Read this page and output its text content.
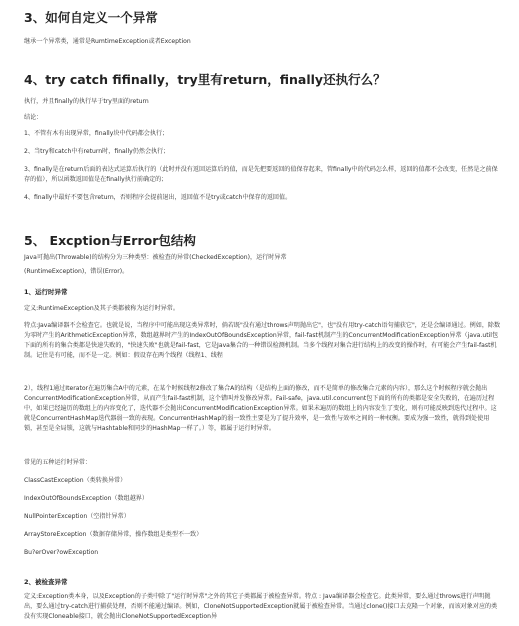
3、如何自定义一个异常

继承一个异常类，通常是RumtimeException或者Exception

4、try catch fifinally，try里有return，finally还执行么？

执行，并且finally的执行早于try里面的return

结论：

1、不管有木有出现异常，finally块中代码都会执行；

2、当try和catch中有return时，finally仍然会执行；

3、finally是在return后面的表达式运算后执行的（此时并没有返回运算后的值，而是先把要返回的值保存起来，管finally中的代码怎么样，返回的值都不会改变，任然是之前保存的值），所以函数返回值是在finally执行前确定的；

4、finally中最好不要包含return，否则程序会提前退出，返回值不是try或catch中保存的返回值。

5、 Excption与Error包结构

Java可抛出(Throwable)的结构分为三种类型：被检查的异常(CheckedException)，运行时异常

(RuntimeException)，错误(Error)。

1、运行时异常

定义:RuntimeException及其子类都被称为运行时异常。

特点:Java编译器不会检查它。也就是说，当程序中可能出现这类异常时，倘若既"没有通过throws声明抛出它"，也"没有用try-catch语句捕获它"，还是会编译通过。例如，除数为零时产生的ArithmeticException异常，数组越界时产生的IndexOutOfBoundsException异常，fail-fast机制产生的ConcurrentModificationException异常（java.util包下面的所有的集合类都是快速失败的，"快速失败"也就是fail-fast，它是Java集合的一种错误检测机制。当多个线程对集合进行结构上的改变的操作时，有可能会产生fail-fast机制。记住是有可能，而不是一定。例如：假设存在两个线程（线程1、线程

2），线程1通过Iterator在遍历集合A中的元素，在某个时候线程2修改了集合A的结构（是结构上面的修改，而不是简单的修改集合元素的内容），那么这个时候程序就会抛出ConcurrentModificationException异常，从而产生fail-fast机制，这个错叫并发修改异常。Fail-safe，java.util.concurrent包下面的所有的类都是安全失败的，在遍历过程中，如果已经遍历的数组上的内容变化了，迭代器不会抛出ConcurrentModificationException异常。如果未遍历的数组上的内容发生了变化，则有可能反映到迭代过程中。这就是ConcurrentHashMap迭代器弱一致的表现。ConcurrentHashMap的弱一致性主要是为了提升效率，是一致性与效率之间的一种权衡。要成为强一致性，就得到处使用锁，甚至是全局锁，这就与Hashtable和同步的HashMap一样了。）等，都属于运行时异常。

常见的五种运行时异常：

ClassCastException（类转换异常）

IndexOutOfBoundsException（数组越界）

NullPointerException（空指针异常）

ArrayStoreException（数据存储异常，操作数组是类型不一致）

Bu?erOver?owException

2、被检查异常

定义:Exception类本身，以及Exception的子类中除了"运行时异常"之外的其它子类都属于被检查异常。特点 : Java编译器会检查它。此类异常，要么通过throws进行声明抛出，要么通过try-catch进行捕获处理，否则不能通过编译。例如，CloneNotSupportedException就属于被检查异常。当通过clone()接口去克隆一个对象，而该对象对应的类没有实现Cloneable接口，就会抛出CloneNotSupportedException异
